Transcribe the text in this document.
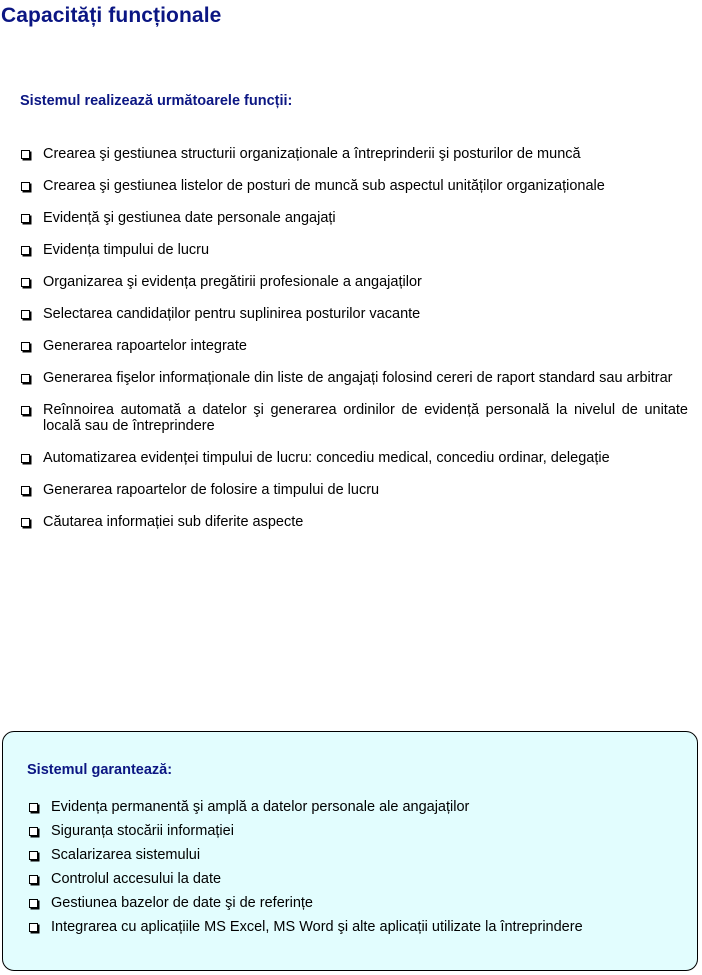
Capacități funcționale
Sistemul realizează următoarele funcții:
Crearea şi gestiunea structurii organizaționale a întreprinderii şi posturilor de muncă
Crearea şi gestiunea listelor de posturi de muncă sub aspectul unităților organizaționale
Evidență şi gestiunea date personale angajați
Evidența timpului de lucru
Organizarea şi evidența pregătirii profesionale a angajaților
Selectarea candidaților pentru suplinirea posturilor vacante
Generarea rapoartelor integrate
Generarea fişelor informaționale din liste de angajați folosind cereri de raport standard sau arbitrar
Reînnoirea automată a datelor şi generarea ordinilor de evidență personală la nivelul de unitate locală sau de întreprindere
Automatizarea evidenței timpului de lucru: concediu medical, concediu ordinar, delegație
Generarea rapoartelor de folosire a timpului de lucru
Căutarea informației sub diferite aspecte
Sistemul garantează:
Evidența permanentă şi amplă a datelor personale ale angajaților
Siguranța stocării informației
Scalarizarea sistemului
Controlul accesului la date
Gestiunea bazelor de date şi de referințe
Integrarea cu aplicațiile MS Excel, MS Word şi alte aplicații utilizate la întreprindere
